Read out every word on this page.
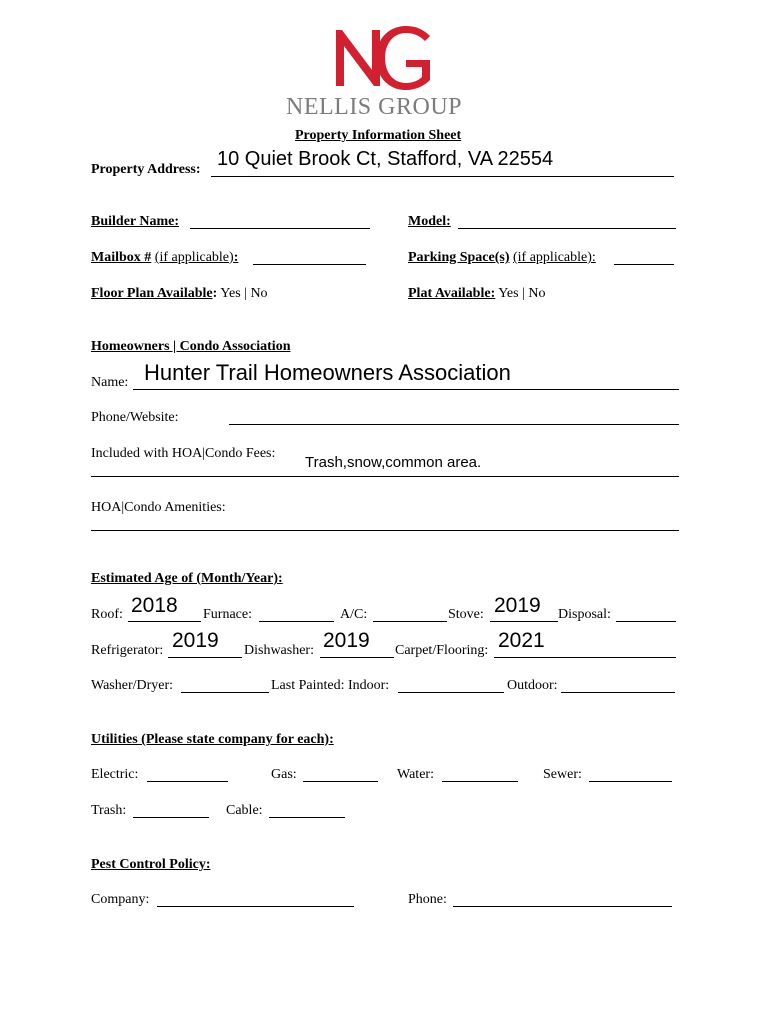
NELLIS GROUP
Property Information Sheet
Property Address: 10 Quiet Brook Ct, Stafford, VA 22554
Builder Name:	Model:
Mailbox # (if applicable):	Parking Space(s) (if applicable):
Floor Plan Available: Yes | No	Plat Available: Yes | No
Homeowners | Condo Association
Name: Hunter Trail Homeowners Association
Phone/Website:
Included with HOA|Condo Fees:
Trash,snow,common area.
HOA|Condo Amenities:
Estimated Age of (Month/Year):
Roof: 2018 Furnace:	A/C:	Stove: 2019 Disposal:
Refrigerator: 2019 Dishwasher: 2019 Carpet/Flooring: 2021
Washer/Dryer:	Last Painted: Indoor:	Outdoor:
Utilities (Please state company for each):
Electric:	Gas:	Water:	Sewer:
Trash:	Cable:
Pest Control Policy:
Company:	Phone:
